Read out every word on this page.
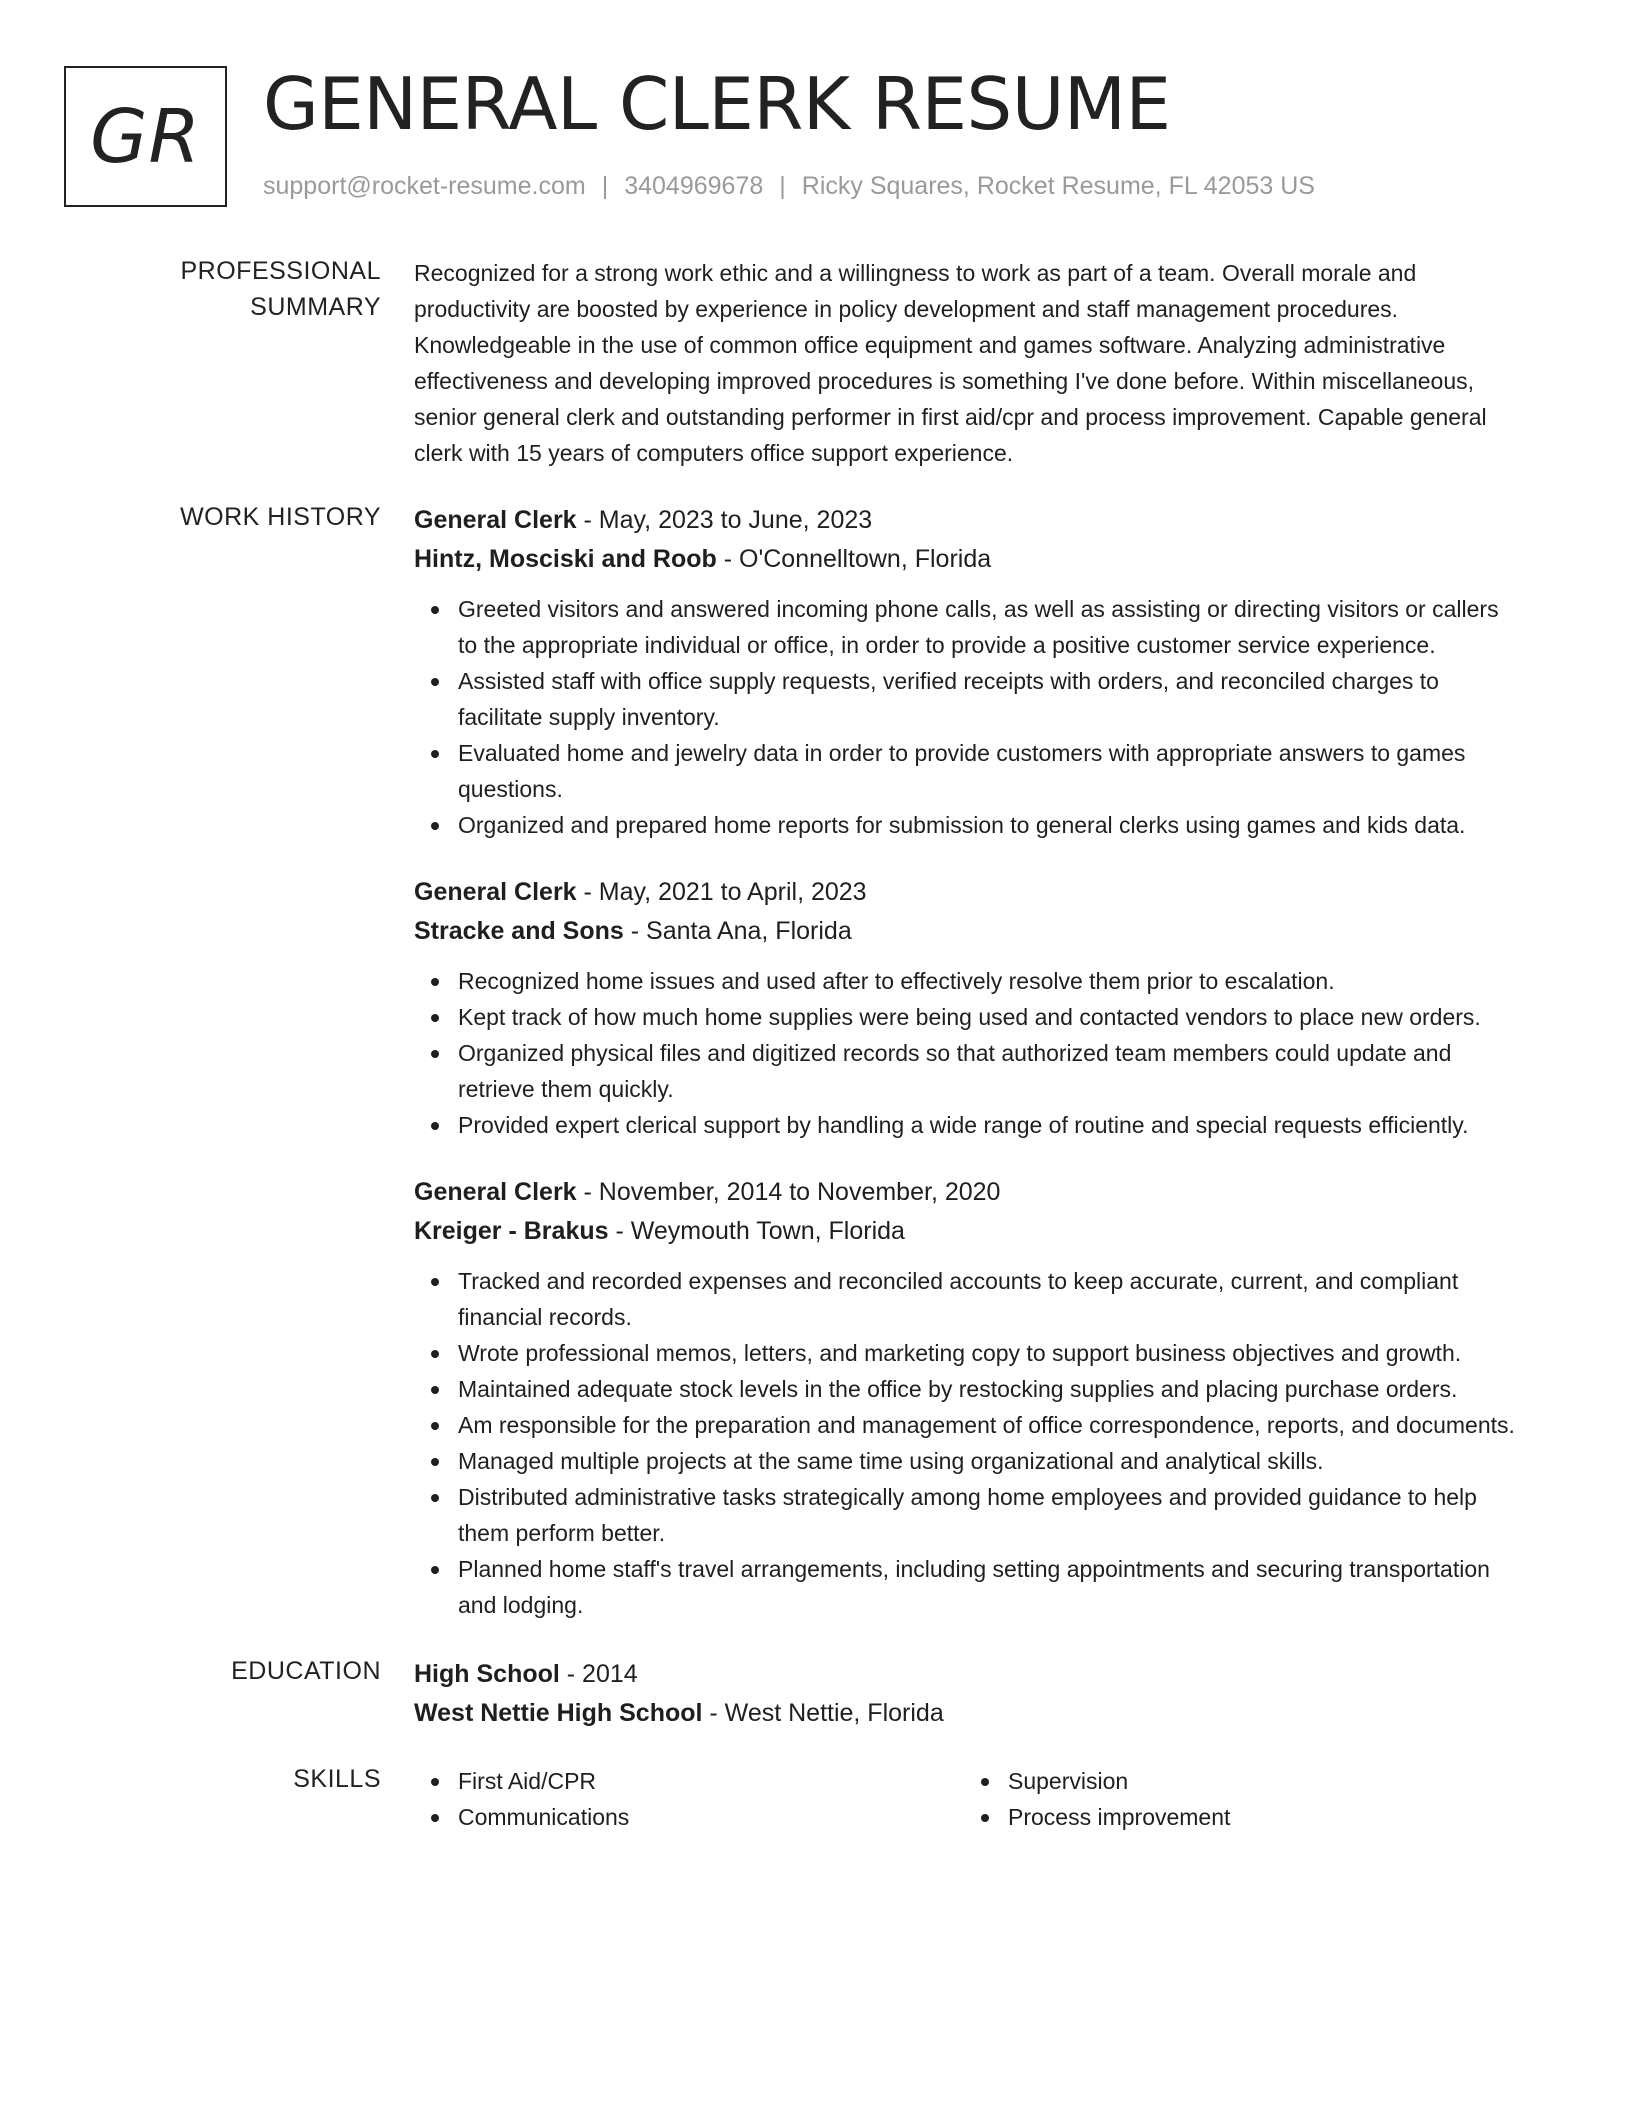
GR GENERAL CLERK RESUME
support@rocket-resume.com | 3404969678 | Ricky Squares, Rocket Resume, FL 42053 US
PROFESSIONAL SUMMARY

Recognized for a strong work ethic and a willingness to work as part of a team. Overall morale and productivity are boosted by experience in policy development and staff management procedures. Knowledgeable in the use of common office equipment and games software. Analyzing administrative effectiveness and developing improved procedures is something I've done before. Within miscellaneous, senior general clerk and outstanding performer in first aid/cpr and process improvement. Capable general clerk with 15 years of computers office support experience.

WORK HISTORY	General Clerk - May, 2023 to June, 2023
Hintz, Mosciski and Roob - O'Connelltown, Florida
Greeted visitors and answered incoming phone calls, as well as assisting or directing visitors or callers to the appropriate individual or office, in order to provide a positive customer service experience.
Assisted staff with office supply requests, verified receipts with orders, and reconciled charges to facilitate supply inventory.
Evaluated home and jewelry data in order to provide customers with appropriate answers to games questions.
Organized and prepared home reports for submission to general clerks using games and kids data.
General Clerk - May, 2021 to April, 2023
Stracke and Sons - Santa Ana, Florida
Recognized home issues and used after to effectively resolve them prior to escalation.
Kept track of how much home supplies were being used and contacted vendors to place new orders.
Organized physical files and digitized records so that authorized team members could update and retrieve them quickly.
Provided expert clerical support by handling a wide range of routine and special requests efficiently.
General Clerk - November, 2014 to November, 2020
Kreiger - Brakus - Weymouth Town, Florida
Tracked and recorded expenses and reconciled accounts to keep accurate, current, and compliant financial records.
Wrote professional memos, letters, and marketing copy to support business objectives and growth.
Maintained adequate stock levels in the office by restocking supplies and placing purchase orders.
Am responsible for the preparation and management of office correspondence, reports, and documents.
Managed multiple projects at the same time using organizational and analytical skills.
Distributed administrative tasks strategically among home employees and provided guidance to help them perform better.
Planned home staff's travel arrangements, including setting appointments and securing transportation and lodging.
EDUCATION	High School - 2014
West Nettie High School - West Nettie, Florida
SKILLS	First Aid/CPR
Communications
Supervision
Process improvement
